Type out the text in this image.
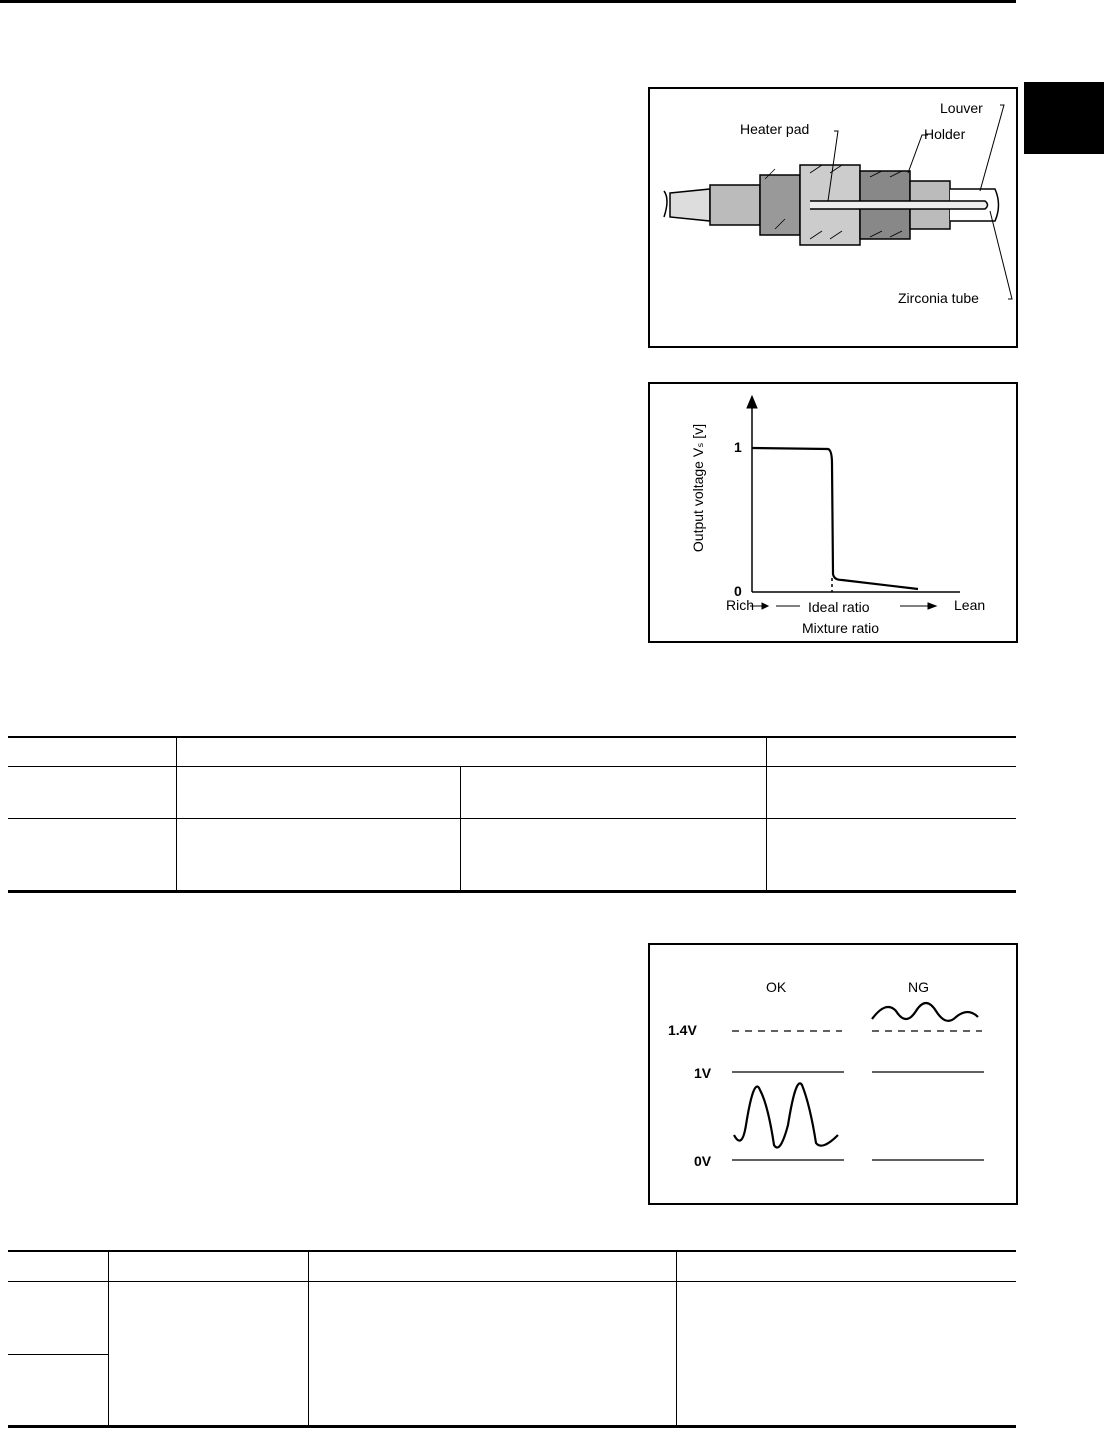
Louver
Heater pad	Holder
Zirconia tube
Output voltage Vₛ [v] 1
0
Rich	Ideal ratio	Lean
Mixture ratio
OK	NG
1.4V
1V
0V
